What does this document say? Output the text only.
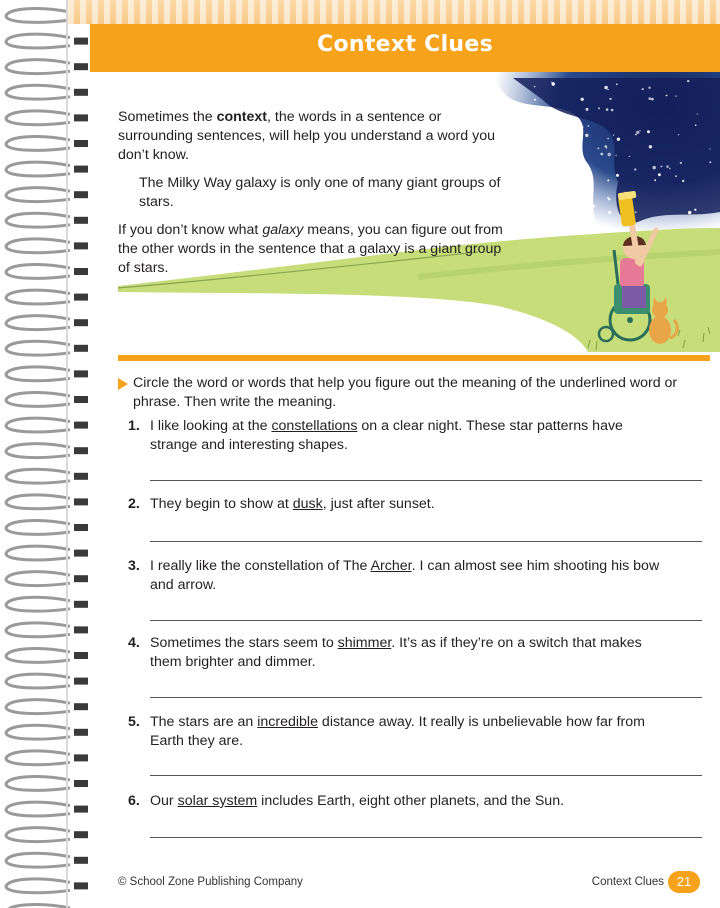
Context Clues

Sometimes the context, the words in a sentence or surrounding sentences, will help you understand a word you don’t know.

The Milky Way galaxy is only one of many giant groups of stars.

If you don’t know what galaxy means, you can figure out from the other words in the sentence that a galaxy is a giant group of stars.

Circle the word or words that help you figure out the meaning of the underlined word or phrase. Then write the meaning.
1. I like looking at the constellations on a clear night. These star patterns have strange and interesting shapes.
2. They begin to show at dusk, just after sunset.
3. I really like the constellation of The Archer. I can almost see him shooting his bow and arrow.
4. Sometimes the stars seem to shimmer. It’s as if they’re on a switch that makes them brighter and dimmer.
5. The stars are an incredible distance away. It really is unbelievable how far from Earth they are.
6. Our solar system includes Earth, eight other planets, and the Sun.
© School Zone Publishing Company	Context Clues 21
